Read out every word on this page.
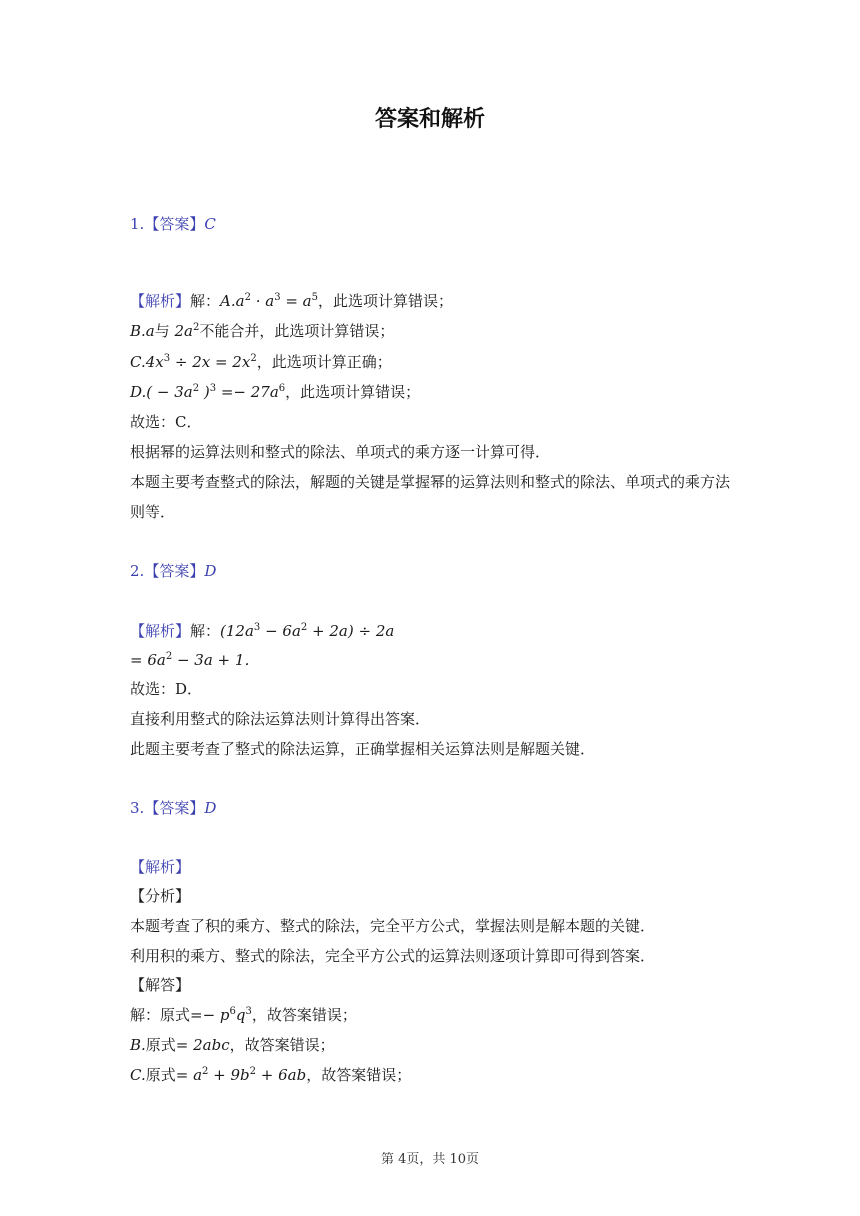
答案和解析
1.【答案】C
【解析】解：$A.a^2 \cdot a^3 = a^5$，此选项计算错误；
B.a与 $2a^2$不能合并，此选项计算错误；
$C.4x^3 \div 2x = 2x^2$，此选项计算正确；
$D.( - 3a^2$ )$^3 =- 27a^6$，此选项计算错误；
故选：C．
根据幂的运算法则和整式的除法、单项式的乘方逐一计算可得．
本题主要考查整式的除法，解题的关键是掌握幂的运算法则和整式的除法、单项式的乘方法
则等．
2.【答案】D
【解析】解：$(12a^3 - 6a^2 + 2a) \div 2a$
= $6a^2 - 3a + 1$．
故选：D．
直接利用整式的除法运算法则计算得出答案．
此题主要考查了整式的除法运算，正确掌握相关运算法则是解题关键．
3.【答案】D
【解析】
【分析】
本题考查了积的乘方、整式的除法，完全平方公式，掌握法则是解本题的关键．
利用积的乘方、整式的除法，完全平方公式的运算法则逐项计算即可得到答案．
【解答】
解：原式=− $p^6q^3$，故答案错误；
B.原式= 2abc，故答案错误；
C.原式= $a^2 + 9b^2 + 6ab$，故答案错误；
第 4页，共 10页
